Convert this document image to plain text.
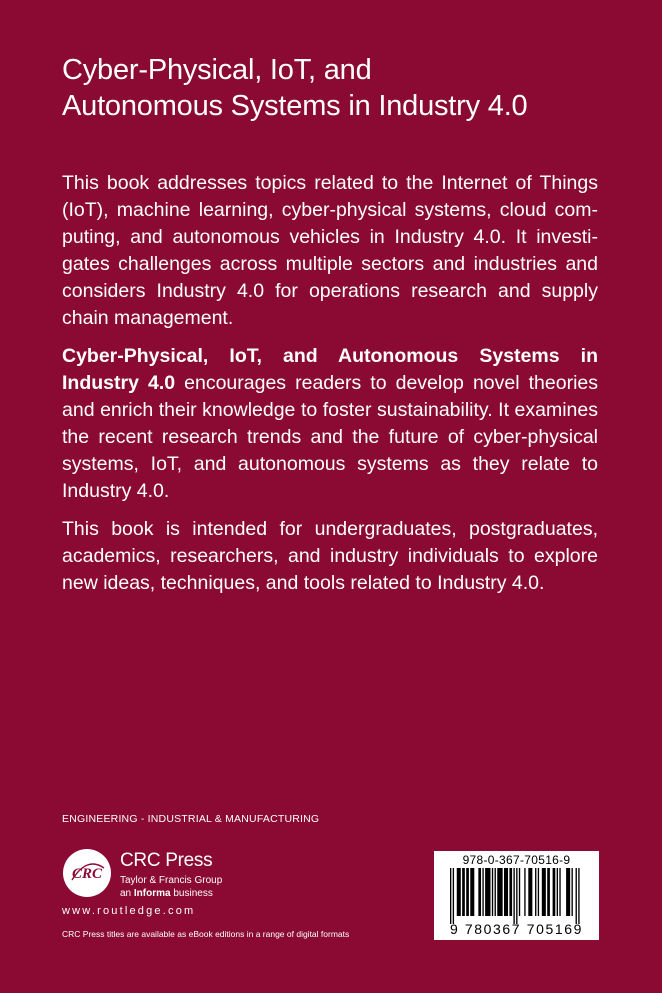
Cyber-Physical, IoT, and
Autonomous Systems in Industry 4.0

This book addresses topics related to the Internet of Things (IoT), machine learning, cyber-physical systems, cloud computing, and autonomous vehicles in Industry 4.0. It investigates challenges across multiple sectors and industries and considers Industry 4.0 for operations research and supply chain management.

Cyber-Physical, IoT, and Autonomous Systems in Industry 4.0 encourages readers to develop novel theories and enrich their knowledge to foster sustainability. It examines the recent research trends and the future of cyber-physical systems, IoT, and autonomous systems as they relate to Industry 4.0.

This book is intended for undergraduates, postgraduates, academics, researchers, and industry individuals to explore new ideas, techniques, and tools related to Industry 4.0.

ENGINEERING - INDUSTRIAL & MANUFACTURING
CRC
CRC Press
Taylor & Francis Group
an Informa business
www.routledge.com
CRC Press titles are available as eBook editions in a range of digital formats
978-0-367-70516-9
9 780367 705169
